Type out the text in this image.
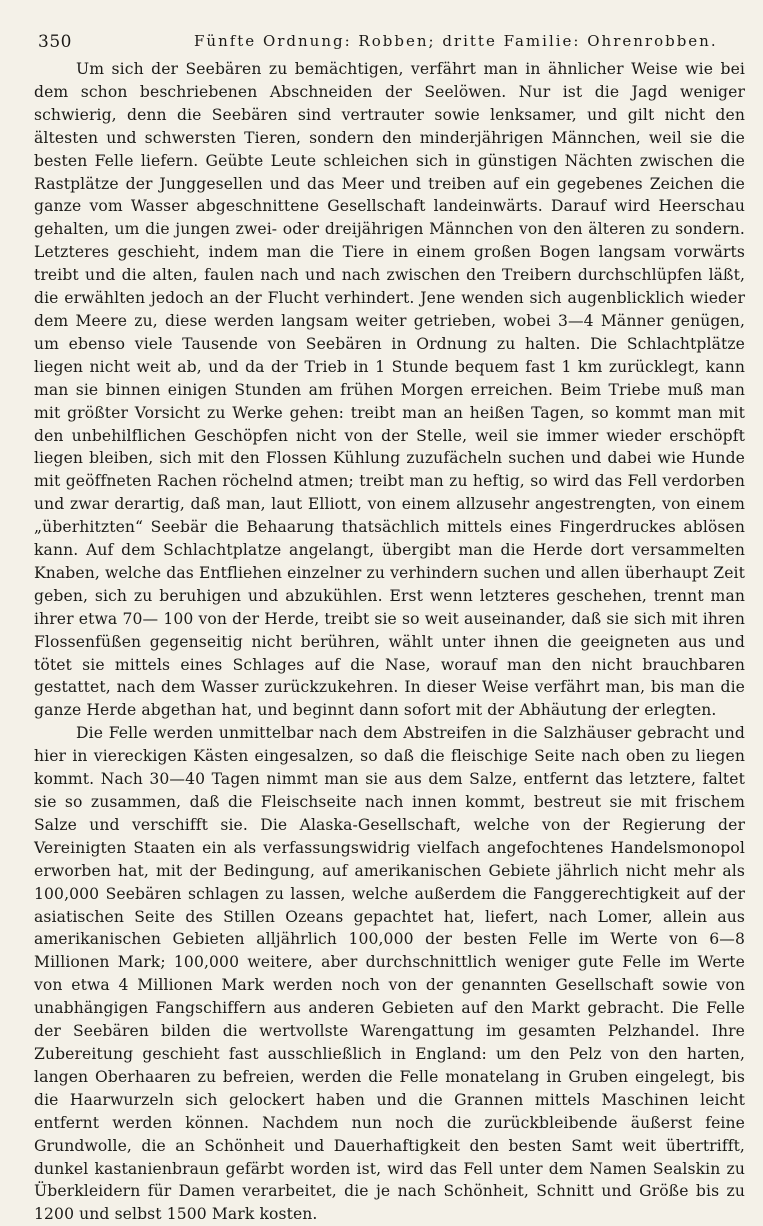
350	Fünfte Ordnung: Robben; dritte Familie: Ohrenrobben.

Um sich der Seebären zu bemächtigen, verfährt man in ähnlicher Weise wie bei dem schon beschriebenen Abschneiden der Seelöwen. Nur ist die Jagd weniger schwierig, denn die Seebären sind vertrauter sowie lenksamer, und gilt nicht den ältesten und schwersten Tieren, sondern den minderjährigen Männchen, weil sie die besten Felle liefern. Geübte Leute schleichen sich in günstigen Nächten zwischen die Rastplätze der Junggesellen und das Meer und treiben auf ein gegebenes Zeichen die ganze vom Wasser abgeschnittene Gesellschaft landeinwärts. Darauf wird Heerschau gehalten, um die jungen zwei- oder dreijährigen Männchen von den älteren zu sondern. Letzteres geschieht, indem man die Tiere in einem großen Bogen langsam vorwärts treibt und die alten, faulen nach und nach zwischen den Treibern durchschlüpfen läßt, die erwählten jedoch an der Flucht verhindert. Jene wenden sich augenblicklich wieder dem Meere zu, diese werden langsam weiter getrieben, wobei 3—4 Männer genügen, um ebenso viele Tausende von Seebären in Ordnung zu halten. Die Schlachtplätze liegen nicht weit ab, und da der Trieb in 1 Stunde bequem fast 1 km zurücklegt, kann man sie binnen einigen Stunden am frühen Morgen erreichen. Beim Triebe muß man mit größter Vorsicht zu Werke gehen: treibt man an heißen Tagen, so kommt man mit den unbehilflichen Geschöpfen nicht von der Stelle, weil sie immer wieder erschöpft liegen bleiben, sich mit den Flossen Kühlung zuzufächeln suchen und dabei wie Hunde mit geöffneten Rachen röchelnd atmen; treibt man zu heftig, so wird das Fell verdorben und zwar derartig, daß man, laut Elliott, von einem allzusehr angestrengten, von einem „überhitzten“ Seebär die Behaarung thatsächlich mittels eines Fingerdruckes ablösen kann. Auf dem Schlachtplatze angelangt, übergibt man die Herde dort versammelten Knaben, welche das Entfliehen einzelner zu verhindern suchen und allen überhaupt Zeit geben, sich zu beruhigen und abzukühlen. Erst wenn letzteres geschehen, trennt man ihrer etwa 70— 100 von der Herde, treibt sie so weit auseinander, daß sie sich mit ihren Flossenfüßen gegenseitig nicht berühren, wählt unter ihnen die geeigneten aus und tötet sie mittels eines Schlages auf die Nase, worauf man den nicht brauchbaren gestattet, nach dem Wasser zurückzukehren. In dieser Weise verfährt man, bis man die ganze Herde abgethan hat, und beginnt dann sofort mit der Abhäutung der erlegten.

Die Felle werden unmittelbar nach dem Abstreifen in die Salzhäuser gebracht und hier in viereckigen Kästen eingesalzen, so daß die fleischige Seite nach oben zu liegen kommt. Nach 30—40 Tagen nimmt man sie aus dem Salze, entfernt das letztere, faltet sie so zusammen, daß die Fleischseite nach innen kommt, bestreut sie mit frischem Salze und verschifft sie. Die Alaska-Gesellschaft, welche von der Regierung der Vereinigten Staaten ein als verfassungswidrig vielfach angefochtenes Handelsmonopol erworben hat, mit der Bedingung, auf amerikanischen Gebiete jährlich nicht mehr als 100,000 Seebären schlagen zu lassen, welche außerdem die Fanggerechtigkeit auf der asiatischen Seite des Stillen Ozeans gepachtet hat, liefert, nach Lomer, allein aus amerikanischen Gebieten alljährlich 100,000 der besten Felle im Werte von 6—8 Millionen Mark; 100,000 weitere, aber durchschnittlich weniger gute Felle im Werte von etwa 4 Millionen Mark werden noch von der genannten Gesellschaft sowie von unabhängigen Fangschiffern aus anderen Gebieten auf den Markt gebracht. Die Felle der Seebären bilden die wertvollste Warengattung im gesamten Pelzhandel. Ihre Zubereitung geschieht fast ausschließlich in England: um den Pelz von den harten, langen Oberhaaren zu befreien, werden die Felle monatelang in Gruben eingelegt, bis die Haarwurzeln sich gelockert haben und die Grannen mittels Maschinen leicht entfernt werden können. Nachdem nun noch die zurückbleibende äußerst feine Grundwolle, die an Schönheit und Dauerhaftigkeit den besten Samt weit übertrifft, dunkel kastanienbraun gefärbt worden ist, wird das Fell unter dem Namen Sealskin zu Überkleidern für Damen verarbeitet, die je nach Schönheit, Schnitt und Größe bis zu 1200 und selbst 1500 Mark kosten.
